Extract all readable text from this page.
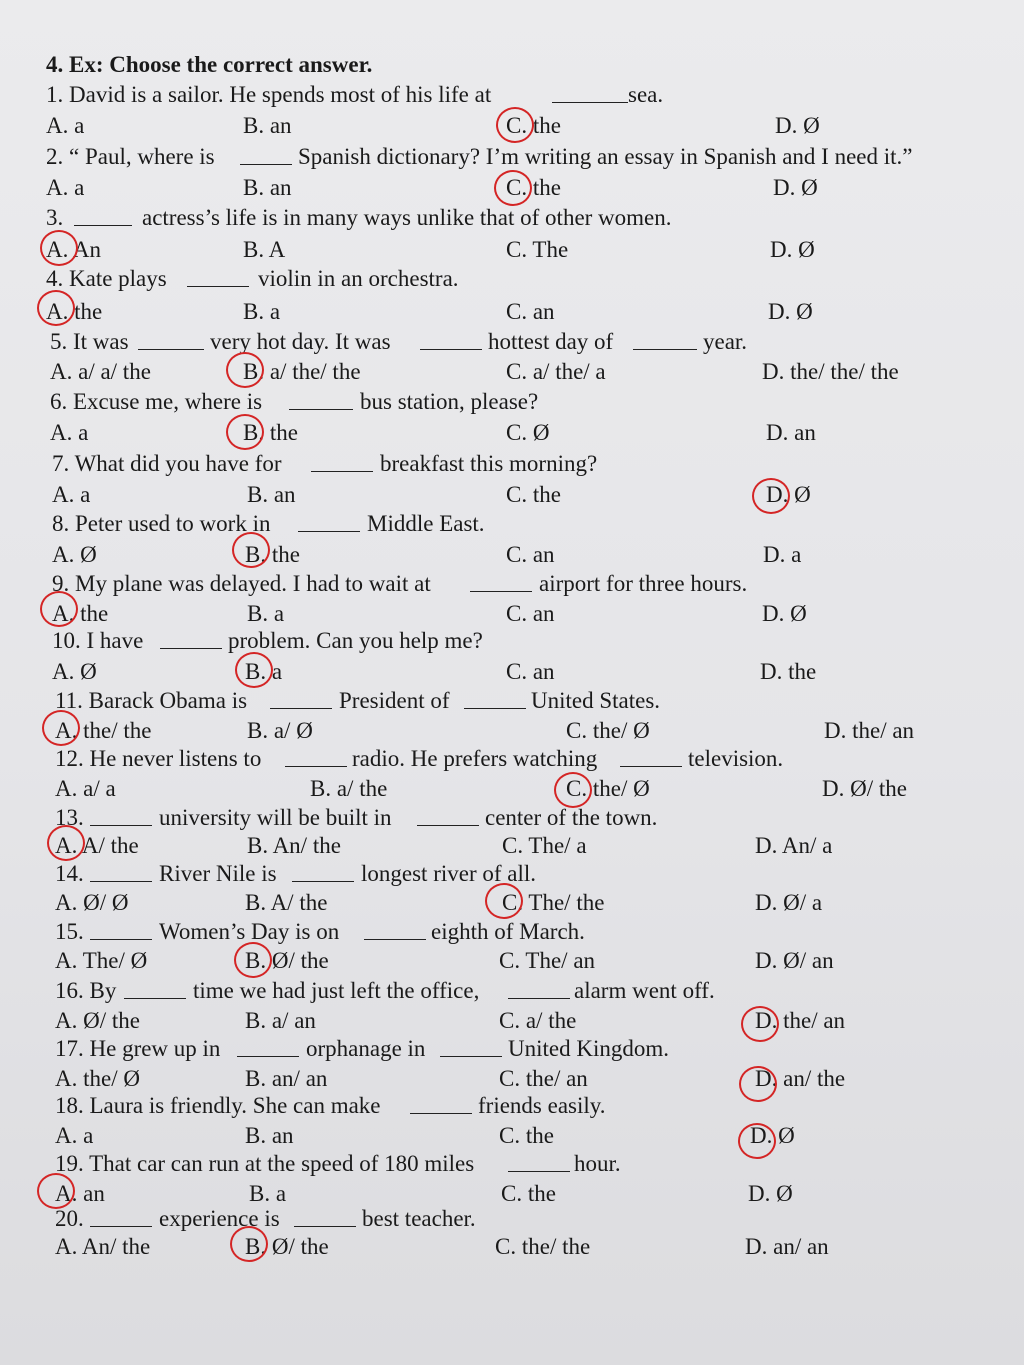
4. Ex: Choose the correct answer.
1. David is a sailor. He spends most of his life at	sea.
A. a	B. an	C. the	D. Ø
2. “ Paul, where is	Spanish dictionary? I’m writing an essay in Spanish and I need it.”
A. a	B. an	C. the	D. Ø
3.	actress’s life is in many ways unlike that of other women.
A. An	B. A	C. The	D. Ø
4. Kate plays	violin in an orchestra.
A. the	B. a	C. an	D. Ø
5. It was	very hot day. It was	hottest day of	year.
A. a/ a/ the	B. a/ the/ the	C. a/ the/ a	D. the/ the/ the
6. Excuse me, where is	bus station, please?
A. a	B. the	C. Ø	D. an
7. What did you have for	breakfast this morning?
A. a	B. an	C. the	D. Ø
8. Peter used to work in	Middle East.
A. Ø	B. the	C. an	D. a
9. My plane was delayed. I had to wait at	airport for three hours.
A. the	B. a	C. an	D. Ø
10. I have	problem. Can you help me?
A. Ø	B. a	C. an	D. the
11. Barack Obama is	President of	United States.
A. the/ the	B. a/ Ø	C. the/ Ø	D. the/ an
12. He never listens to	radio. He prefers watching	television.
A. a/ a	B. a/ the	C. the/ Ø	D. Ø/ the
13.	university will be built in	center of the town.
A. A/ the	B. An/ the	C. The/ a	D. An/ a
14.	River Nile is	longest river of all.
A. Ø/ Ø	B. A/ the	C. The/ the	D. Ø/ a
15.	Women’s Day is on	eighth of March.
A. The/ Ø	B. Ø/ the	C. The/ an	D. Ø/ an
16. By	time we had just left the office,	alarm went off.
A. Ø/ the	B. a/ an	C. a/ the	D. the/ an
17. He grew up in	orphanage in	United Kingdom.
A. the/ Ø	B. an/ an	C. the/ an	D. an/ the
18. Laura is friendly. She can make	friends easily.
A. a	B. an	C. the	D. Ø
19. That car can run at the speed of 180 miles	hour.
A. an	B. a	C. the	D. Ø
20.	experience is	best teacher.
A. An/ the	B. Ø/ the	C. the/ the	D. an/ an
